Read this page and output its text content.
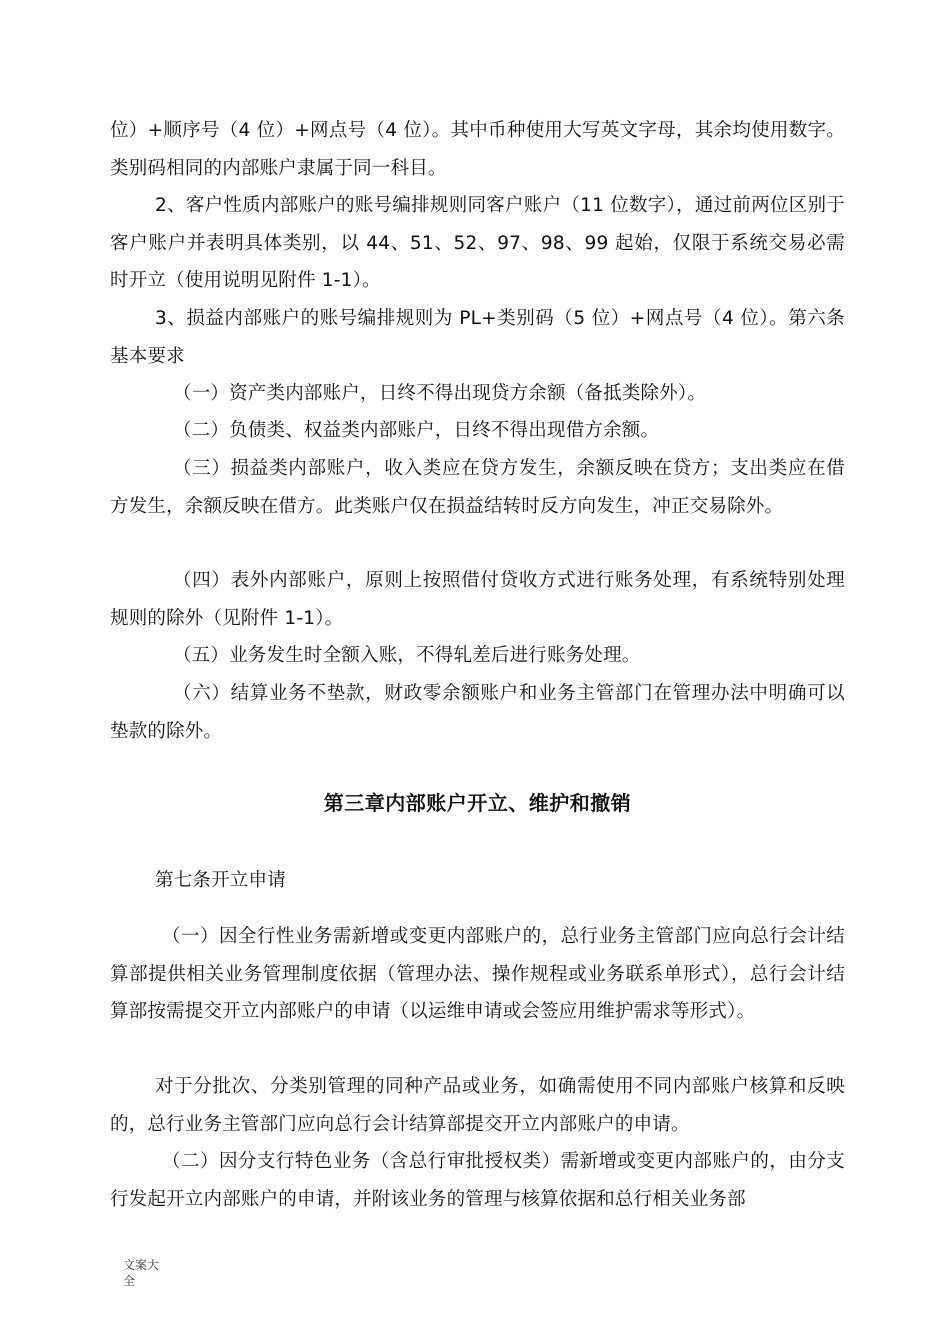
位）+顺序号（4 位）+网点号（4 位）。其中币种使用大写英文字母，其余均使用数字。类别码相同的内部账户隶属于同一科目。

2、客户性质内部账户的账号编排规则同客户账户（11 位数字），通过前两位区别于客户账户并表明具体类别，以 44、51、52、97、98、99 起始，仅限于系统交易必需时开立（使用说明见附件 1-1）。

3、损益内部账户的账号编排规则为 PL+类别码（5 位）+网点号（4 位）。第六条基本要求

（一）资产类内部账户，日终不得出现贷方余额（备抵类除外）。

（二）负债类、权益类内部账户，日终不得出现借方余额。

（三）损益类内部账户，收入类应在贷方发生，余额反映在贷方；支出类应在借方发生，余额反映在借方。此类账户仅在损益结转时反方向发生，冲正交易除外。

（四）表外内部账户，原则上按照借付贷收方式进行账务处理，有系统特别处理规则的除外（见附件 1-1）。

（五）业务发生时全额入账，不得轧差后进行账务处理。

（六）结算业务不垫款，财政零余额账户和业务主管部门在管理办法中明确可以垫款的除外。

第三章内部账户开立、维护和撤销

第七条开立申请

（一）因全行性业务需新增或变更内部账户的，总行业务主管部门应向总行会计结算部提供相关业务管理制度依据（管理办法、操作规程或业务联系单形式），总行会计结算部按需提交开立内部账户的申请（以运维申请或会签应用维护需求等形式）。

对于分批次、分类别管理的同种产品或业务，如确需使用不同内部账户核算和反映的，总行业务主管部门应向总行会计结算部提交开立内部账户的申请。

（二）因分支行特色业务（含总行审批授权类）需新增或变更内部账户的，由分支行发起开立内部账户的申请，并附该业务的管理与核算依据和总行相关业务部

文案大全
